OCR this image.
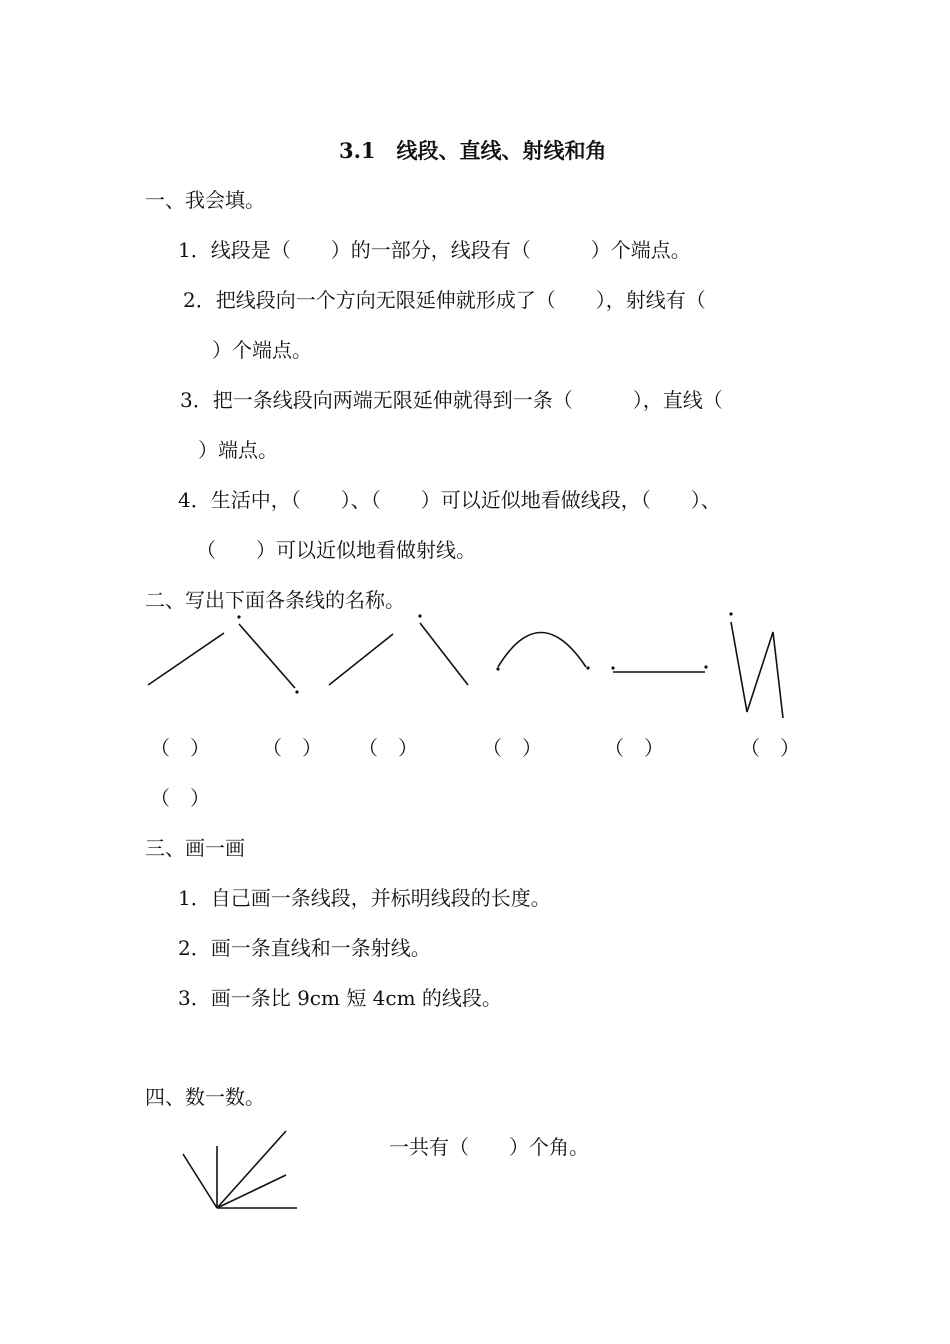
3.1　线段、直线、射线和角
一、我会填。
1．线段是（　　）的一部分，线段有（　　　）个端点。
2．把线段向一个方向无限延伸就形成了（　　），射线有（
）个端点。
3．把一条线段向两端无限延伸就得到一条（　　　），直线（
）端点。
4．生活中，（　　）、（　　）可以近似地看做线段，（　　）、
（　　）可以近似地看做射线。
二、写出下面各条线的名称。
（　）	（　） （　）	（　）	（　）	（　）
（　）
三、画一画
1．自己画一条线段，并标明线段的长度。
2．画一条直线和一条射线。
3．画一条比 9cm 短 4cm 的线段。
四、数一数。
一共有（　　）个角。
